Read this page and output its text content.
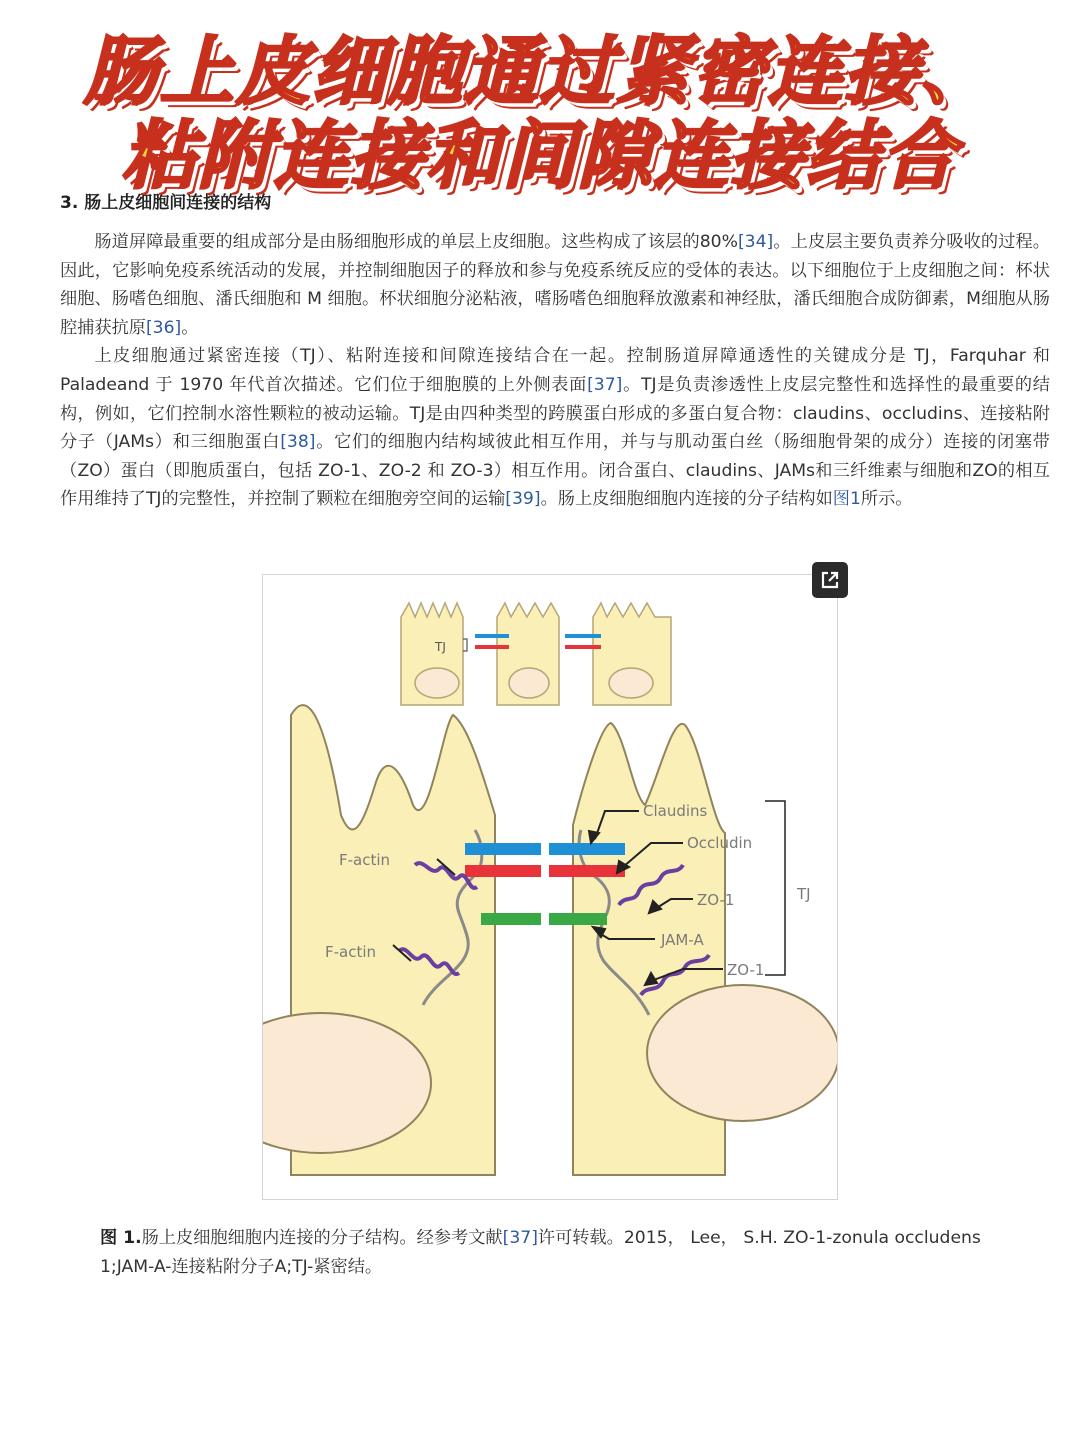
3. 肠上皮细胞间连接的结构
肠上皮细胞通过紧密连接、
粘附连接和间隙连接结合

肠道屏障最重要的组成部分是由肠细胞形成的单层上皮细胞。这些构成了该层的80%[34]。上皮层主要负责养分吸收的过程。因此，它影响免疫系统活动的发展，并控制细胞因子的释放和参与免疫系统反应的受体的表达。以下细胞位于上皮细胞之间：杯状细胞、肠嗜色细胞、潘氏细胞和 M 细胞。杯状细胞分泌粘液，嗜肠嗜色细胞释放激素和神经肽，潘氏细胞合成防御素，M细胞从肠腔捕获抗原[36]。

上皮细胞通过紧密连接（TJ）、粘附连接和间隙连接结合在一起。控制肠道屏障通透性的关键成分是 TJ，Farquhar 和 Paladeand 于 1970 年代首次描述。它们位于细胞膜的上外侧表面[37]。TJ是负责渗透性上皮层完整性和选择性的最重要的结构，例如，它们控制水溶性颗粒的被动运输。TJ是由四种类型的跨膜蛋白形成的多蛋白复合物：claudins、occludins、连接粘附分子（JAMs）和三细胞蛋白[38]。它们的细胞内结构域彼此相互作用，并与与肌动蛋白丝（肠细胞骨架的成分）连接的闭塞带（ZO）蛋白（即胞质蛋白，包括 ZO-1、ZO-2 和 ZO-3）相互作用。闭合蛋白、claudins、JAMs和三纤维素与细胞和ZO的相互作用维持了TJ的完整性，并控制了颗粒在细胞旁空间的运输[39]。肠上皮细胞细胞内连接的分子结构如图1所示。

TJ
F-actin
F-actin
Claudins
Occludin
ZO-1
JAM-A
ZO-1
TJ
图 1.肠上皮细胞细胞内连接的分子结构。经参考文献[37]许可转载。2015， Lee， S.H. ZO-1-zonula occludens 1;JAM-A-连接粘附分子A;TJ-紧密结。
